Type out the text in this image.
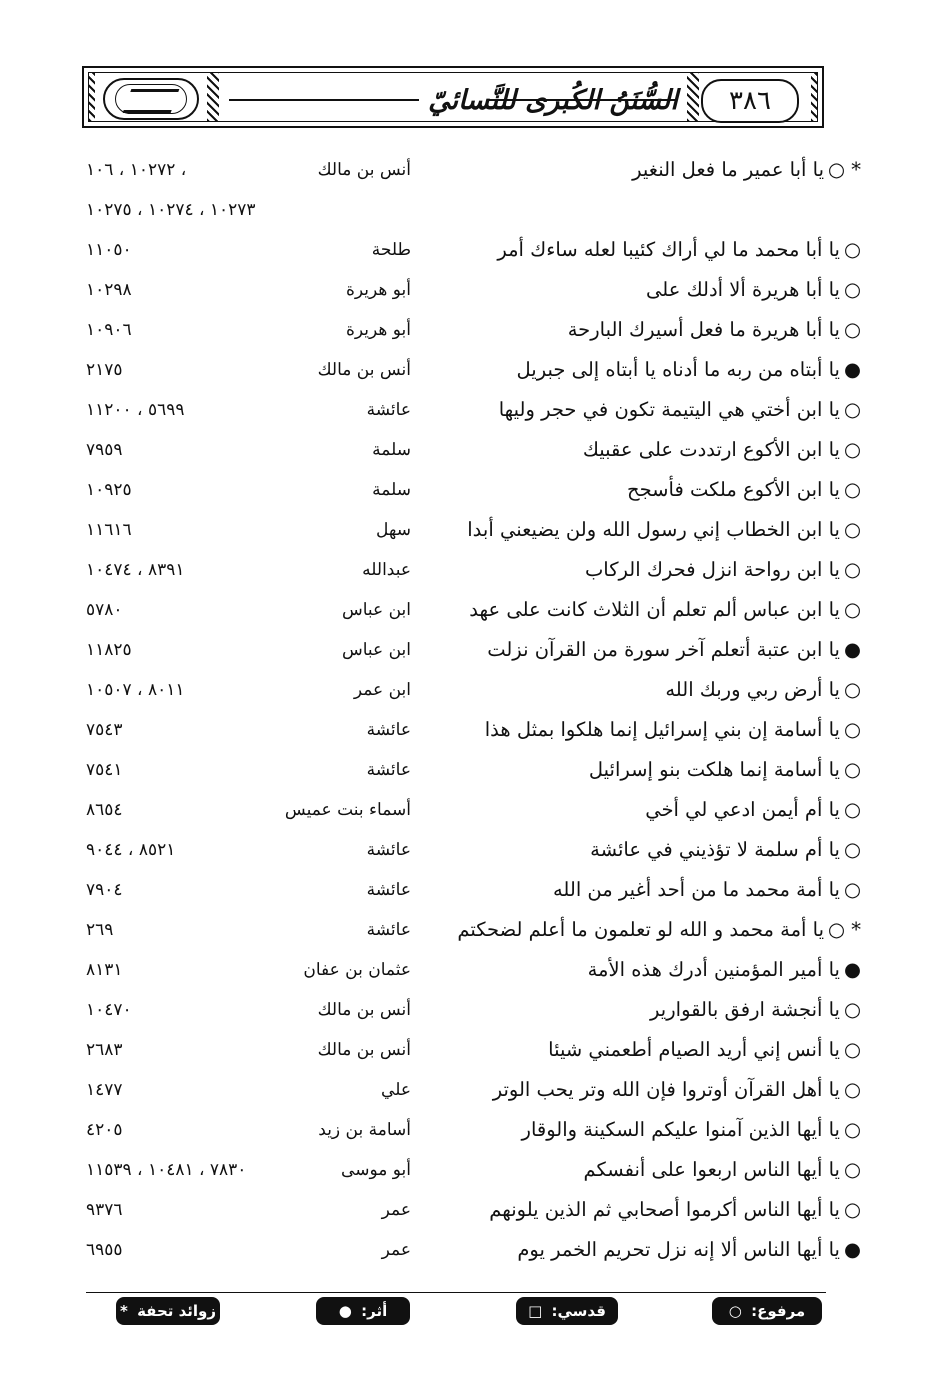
السُّنَنُ الكُبرى للنَّسائيّ	٣٨٦
* ○يا أبا عمير ما فعل النغير
أنس بن مالك
١٠٢٧٢ ، ١٠٦ ،
١٠٢٧٣ ، ١٠٢٧٤ ، ١٠٢٧٥
○يا أبا محمد ما لي أراك كئيبا لعله ساءك أمر
طلحة
١١٠٥٠
○يا أبا هريرة ألا أدلك على
أبو هريرة
١٠٢٩٨
○يا أبا هريرة ما فعل أسيرك البارحة
أبو هريرة
١٠٩٠٦
●يا أبتاه من ربه ما أدناه يا أبتاه إلى جبريل
أنس بن مالك
٢١٧٥
○يا ابن أختي هي اليتيمة تكون في حجر وليها
عائشة
٥٦٩٩ ، ١١٢٠٠
○يا ابن الأكوع ارتددت على عقبيك
سلمة
٧٩٥٩
○يا ابن الأكوع ملكت فأسجح
سلمة
١٠٩٢٥
○يا ابن الخطاب إني رسول الله ولن يضيعني أبدا
سهل
١١٦١٦
○يا ابن رواحة انزل فحرك الركاب
عبدالله
٨٣٩١ ، ١٠٤٧٤
○يا ابن عباس ألم تعلم أن الثلاث كانت على عهد
ابن عباس
٥٧٨٠
●يا ابن عتبة أتعلم آخر سورة من القرآن نزلت
ابن عباس
١١٨٢٥
○يا أرض ربي وربك الله
ابن عمر
٨٠١١ ، ١٠٥٠٧
○يا أسامة إن بني إسرائيل إنما هلكوا بمثل هذا
عائشة
٧٥٤٣
○يا أسامة إنما هلكت بنو إسرائيل
عائشة
٧٥٤١
○يا أم أيمن ادعي لي أخي
أسماء بنت عميس
٨٦٥٤
○يا أم سلمة لا تؤذيني في عائشة
عائشة
٨٥٢١ ، ٩٠٤٤
○يا أمة محمد ما من أحد أغير من الله
عائشة
٧٩٠٤
* ○يا أمة محمد و الله لو تعلمون ما أعلم لضحكتم
عائشة
٢٦٩
●يا أمير المؤمنين أدرك هذه الأمة
عثمان بن عفان
٨١٣١
○يا أنجشة ارفق بالقوارير
أنس بن مالك
١٠٤٧٠
○يا أنس إني أريد الصيام أطعمني شيئا
أنس بن مالك
٢٦٨٣
○يا أهل القرآن أوتروا فإن الله وتر يحب الوتر
علي
١٤٧٧
○يا أيها الذين آمنوا عليكم السكينة والوقار
أسامة بن زيد
٤٢٠٥
○يا أيها الناس اربعوا على أنفسكم
أبو موسى
٧٨٣٠ ، ١٠٤٨١ ، ١١٥٣٩
○يا أيها الناس أكرموا أصحابي ثم الذين يلونهم
عمر
٩٣٧٦
●يا أيها الناس ألا إنه نزل تحريم الخمر يوم
عمر
٦٩٥٥
مرفوع: ○
قدسي: □
أثر: ●
زوائد تحفة *
